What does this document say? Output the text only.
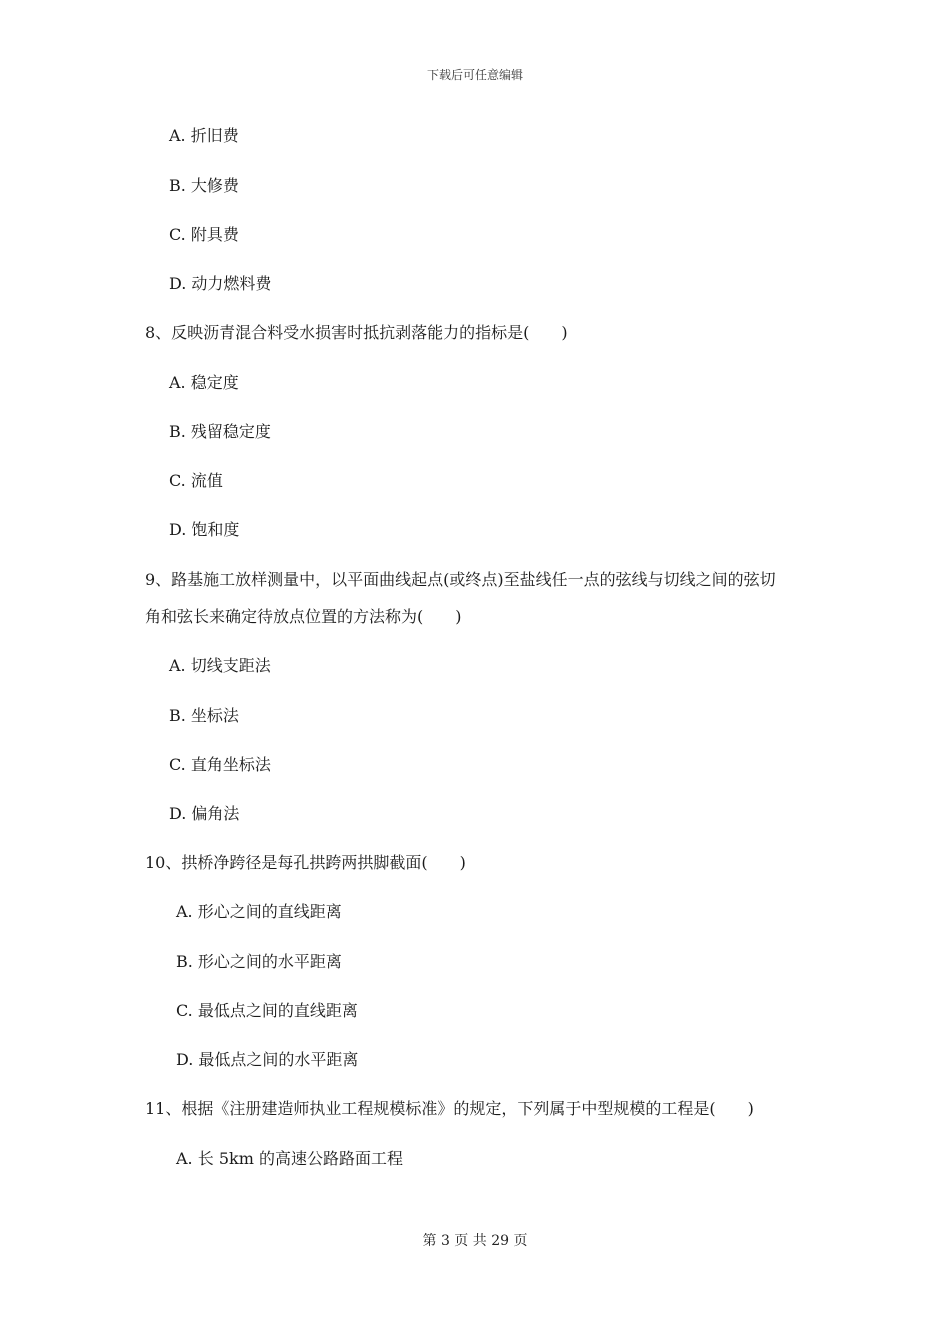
下载后可任意编辑
A. 折旧费
B. 大修费
C. 附具费
D. 动力燃料费
8、反映沥青混合料受水损害时抵抗剥落能力的指标是(　　)
A. 稳定度
B. 残留稳定度
C. 流值
D. 饱和度
9、路基施工放样测量中，以平面曲线起点(或终点)至盐线任一点的弦线与切线之间的弦切
角和弦长来确定待放点位置的方法称为(　　)
A. 切线支距法
B. 坐标法
C. 直角坐标法
D. 偏角法
10、拱桥净跨径是每孔拱跨两拱脚截面(　　)
A. 形心之间的直线距离
B. 形心之间的水平距离
C. 最低点之间的直线距离
D. 最低点之间的水平距离
11、根据《注册建造师执业工程规模标准》的规定，下列属于中型规模的工程是(　　)
A. 长 5km 的高速公路路面工程
第 3 页 共 29 页
